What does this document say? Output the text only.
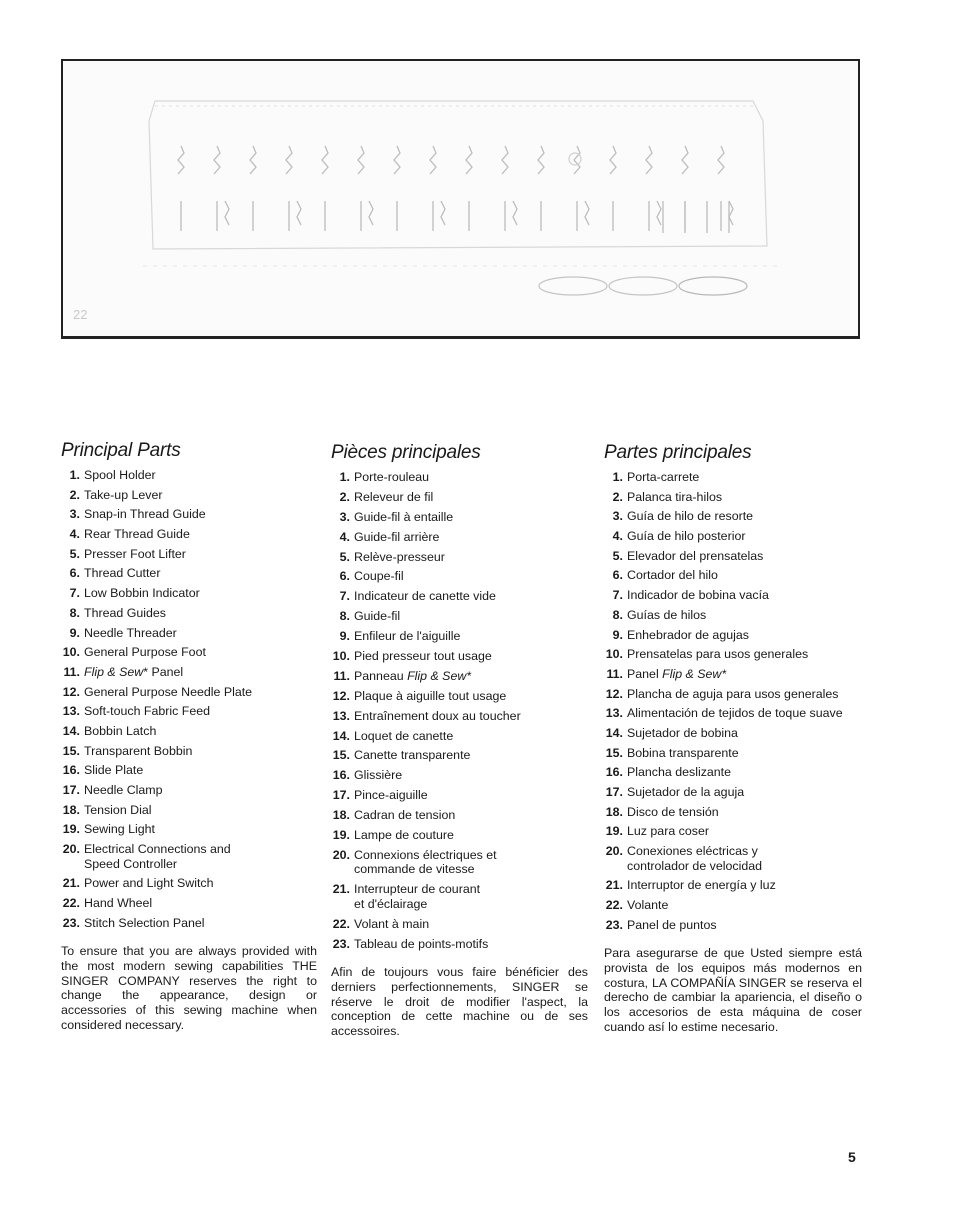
22
Principal Parts
1. Spool Holder
2. Take-up Lever
3. Snap-in Thread Guide
4. Rear Thread Guide
5. Presser Foot Lifter
6. Thread Cutter
7. Low Bobbin Indicator
8. Thread Guides
9. Needle Threader
10. General Purpose Foot
11. Flip & Sew* Panel
12. General Purpose Needle Plate
13. Soft-touch Fabric Feed
14. Bobbin Latch
15. Transparent Bobbin
16. Slide Plate
17. Needle Clamp
18. Tension Dial
19. Sewing Light
20. Electrical Connections and
Speed Controller
21. Power and Light Switch
22. Hand Wheel
23. Stitch Selection Panel

To ensure that you are always provided with the most modern sewing capabilities THE SINGER COMPANY reserves the right to change the appearance, design or accessories of this sewing machine when considered necessary.

Pièces principales
1. Porte-rouleau
2. Releveur de fil
3. Guide-fil à entaille
4. Guide-fil arrière
5. Relève-presseur
6. Coupe-fil
7. Indicateur de canette vide
8. Guide-fil
9. Enfileur de l'aiguille
10. Pied presseur tout usage
11. Panneau Flip & Sew*
12. Plaque à aiguille tout usage
13. Entraînement doux au toucher
14. Loquet de canette
15. Canette transparente
16. Glissière
17. Pince-aiguille
18. Cadran de tension
19. Lampe de couture
20. Connexions électriques et
commande de vitesse
21. Interrupteur de courant
et d'éclairage
22. Volant à main
23. Tableau de points-motifs

Afin de toujours vous faire bénéficier des derniers perfectionnements, SINGER se réserve le droit de modifier l'aspect, la conception de cette machine ou de ses accessoires.

Partes principales
1. Porta-carrete
2. Palanca tira-hilos
3. Guía de hilo de resorte
4. Guía de hilo posterior
5. Elevador del prensatelas
6. Cortador del hilo
7. Indicador de bobina vacía
8. Guías de hilos
9. Enhebrador de agujas
10. Prensatelas para usos generales
11. Panel Flip & Sew*
12. Plancha de aguja para usos generales
13. Alimentación de tejidos de toque suave
14. Sujetador de bobina
15. Bobina transparente
16. Plancha deslizante
17. Sujetador de la aguja
18. Disco de tensión
19. Luz para coser
20. Conexiones eléctricas y
controlador de velocidad
21. Interruptor de energía y luz
22. Volante
23. Panel de puntos

Para asegurarse de que Usted siempre está provista de los equipos más modernos en costura, LA COMPAÑÍA SINGER se reserva el derecho de cambiar la apariencia, el diseño o los accesorios de esta máquina de coser cuando así lo estime necesario.

5
